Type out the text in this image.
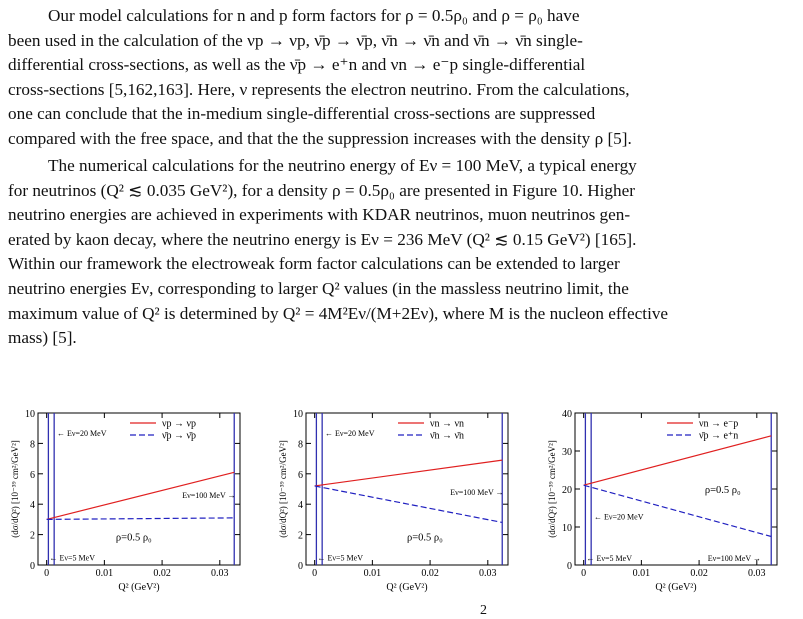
Our model calculations for n and p form factors for ρ = 0.5ρ₀ and ρ = ρ₀ have
been used in the calculation of the νp → νp, ν̄p → ν̄p, ν̄n → ν̄n and ν̄n → ν̄n single-
differential cross-sections, as well as the ν̄p → e⁺n and νn → e⁻p single-differential
cross-sections [5,162,163]. Here, ν represents the electron neutrino. From the calculations,
one can conclude that the in-medium single-differential cross-sections are suppressed
compared with the free space, and that the the suppression increases with the density ρ [5].
The numerical calculations for the neutrino energy of Eν = 100 MeV, a typical energy
for neutrinos (Q² ≲ 0.035 GeV²), for a density ρ = 0.5ρ₀ are presented in Figure 10. Higher
neutrino energies are achieved in experiments with KDAR neutrinos, muon neutrinos gen-
erated by kaon decay, where the neutrino energy is Eν = 236 MeV (Q² ≲ 0.15 GeV²) [165].
Within our framework the electroweak form factor calculations can be extended to larger
neutrino energies Eν, corresponding to larger Q² values (in the massless neutrino limit, the
maximum value of Q² is determined by Q² = 4M²Eν/(M+2Eν), where M is the nucleon effective
mass) [5].
0	0.01	0.02	0.03
0
2
4
6
8
10
νp → νp
ν̄p → ν̄p
← Eν=20 MeV
Eν=100 MeV →
ρ=0.5 ρ₀
← Eν=5 MeV
Q² (GeV²)
(dσ/dQ²) [10⁻³⁹ cm²/GeV²]
0	0.01	0.02	0.03
0
2
4
6
8
10
νn → νn
ν̄n → ν̄n
← Eν=20 MeV
Eν=100 MeV →
ρ=0.5 ρ₀
← Eν=5 MeV
Q² (GeV²)
(dσ/dQ²) [10⁻³⁹ cm²/GeV²]
0	0.01	0.02	0.03
0
10
20
30
40
νn → e⁻p
ν̄p → e⁺n
← Eν=20 MeV
Eν=100 MeV →
ρ=0.5 ρ₀
← Eν=5 MeV
Q² (GeV²)
(dσ/dQ²) [10⁻³⁹ cm²/GeV²]
2
